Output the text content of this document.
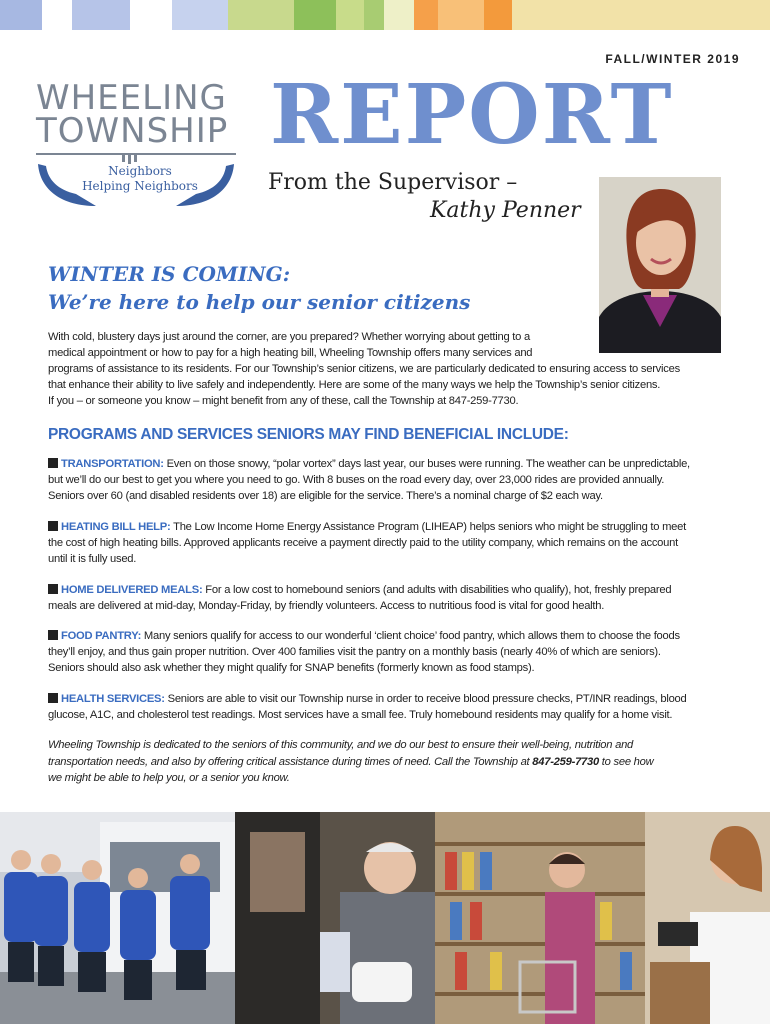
FALL/WINTER 2019
WHEELING
TOWNSHIP
Neighbors
Helping Neighbors
REPORT
From the Supervisor –
Kathy Penner
WINTER IS COMING:
We’re here to help our senior citizens
With cold, blustery days just around the corner, are you prepared? Whether worrying about getting to a
medical appointment or how to pay for a high heating bill, Wheeling Township offers many services and
programs of assistance to its residents. For our Township’s senior citizens, we are particularly dedicated to ensuring access to services
that enhance their ability to live safely and independently. Here are some of the many ways we help the Township’s senior citizens.
If you – or someone you know – might benefit from any of these, call the Township at 847-259-7730.
PROGRAMS AND SERVICES SENIORS MAY FIND BENEFICIAL INCLUDE:
TRANSPORTATION: Even on those snowy, “polar vortex” days last year, our buses were running. The weather can be unpredictable,
but we’ll do our best to get you where you need to go. With 8 buses on the road every day, over 23,000 rides are provided annually.
Seniors over 60 (and disabled residents over 18) are eligible for the service. There’s a nominal charge of $2 each way.
HEATING BILL HELP: The Low Income Home Energy Assistance Program (LIHEAP) helps seniors who might be struggling to meet
the cost of high heating bills. Approved applicants receive a payment directly paid to the utility company, which remains on the account
until it is fully used.
HOME DELIVERED MEALS: For a low cost to homebound seniors (and adults with disabilities who qualify), hot, freshly prepared
meals are delivered at mid-day, Monday-Friday, by friendly volunteers. Access to nutritious food is vital for good health.
FOOD PANTRY: Many seniors qualify for access to our wonderful ‘client choice’ food pantry, which allows them to choose the foods
they’ll enjoy, and thus gain proper nutrition. Over 400 families visit the pantry on a monthly basis (nearly 40% of which are seniors).
Seniors should also ask whether they might qualify for SNAP benefits (formerly known as food stamps).
HEALTH SERVICES: Seniors are able to visit our Township nurse in order to receive blood pressure checks, PT/INR readings, blood
glucose, A1C, and cholesterol test readings. Most services have a small fee. Truly homebound residents may qualify for a home visit.
Wheeling Township is dedicated to the seniors of this community, and we do our best to ensure their well-being, nutrition and
transportation needs, and also by offering critical assistance during times of need. Call the Township at 847-259-7730 to see how
we might be able to help you, or a senior you know.
